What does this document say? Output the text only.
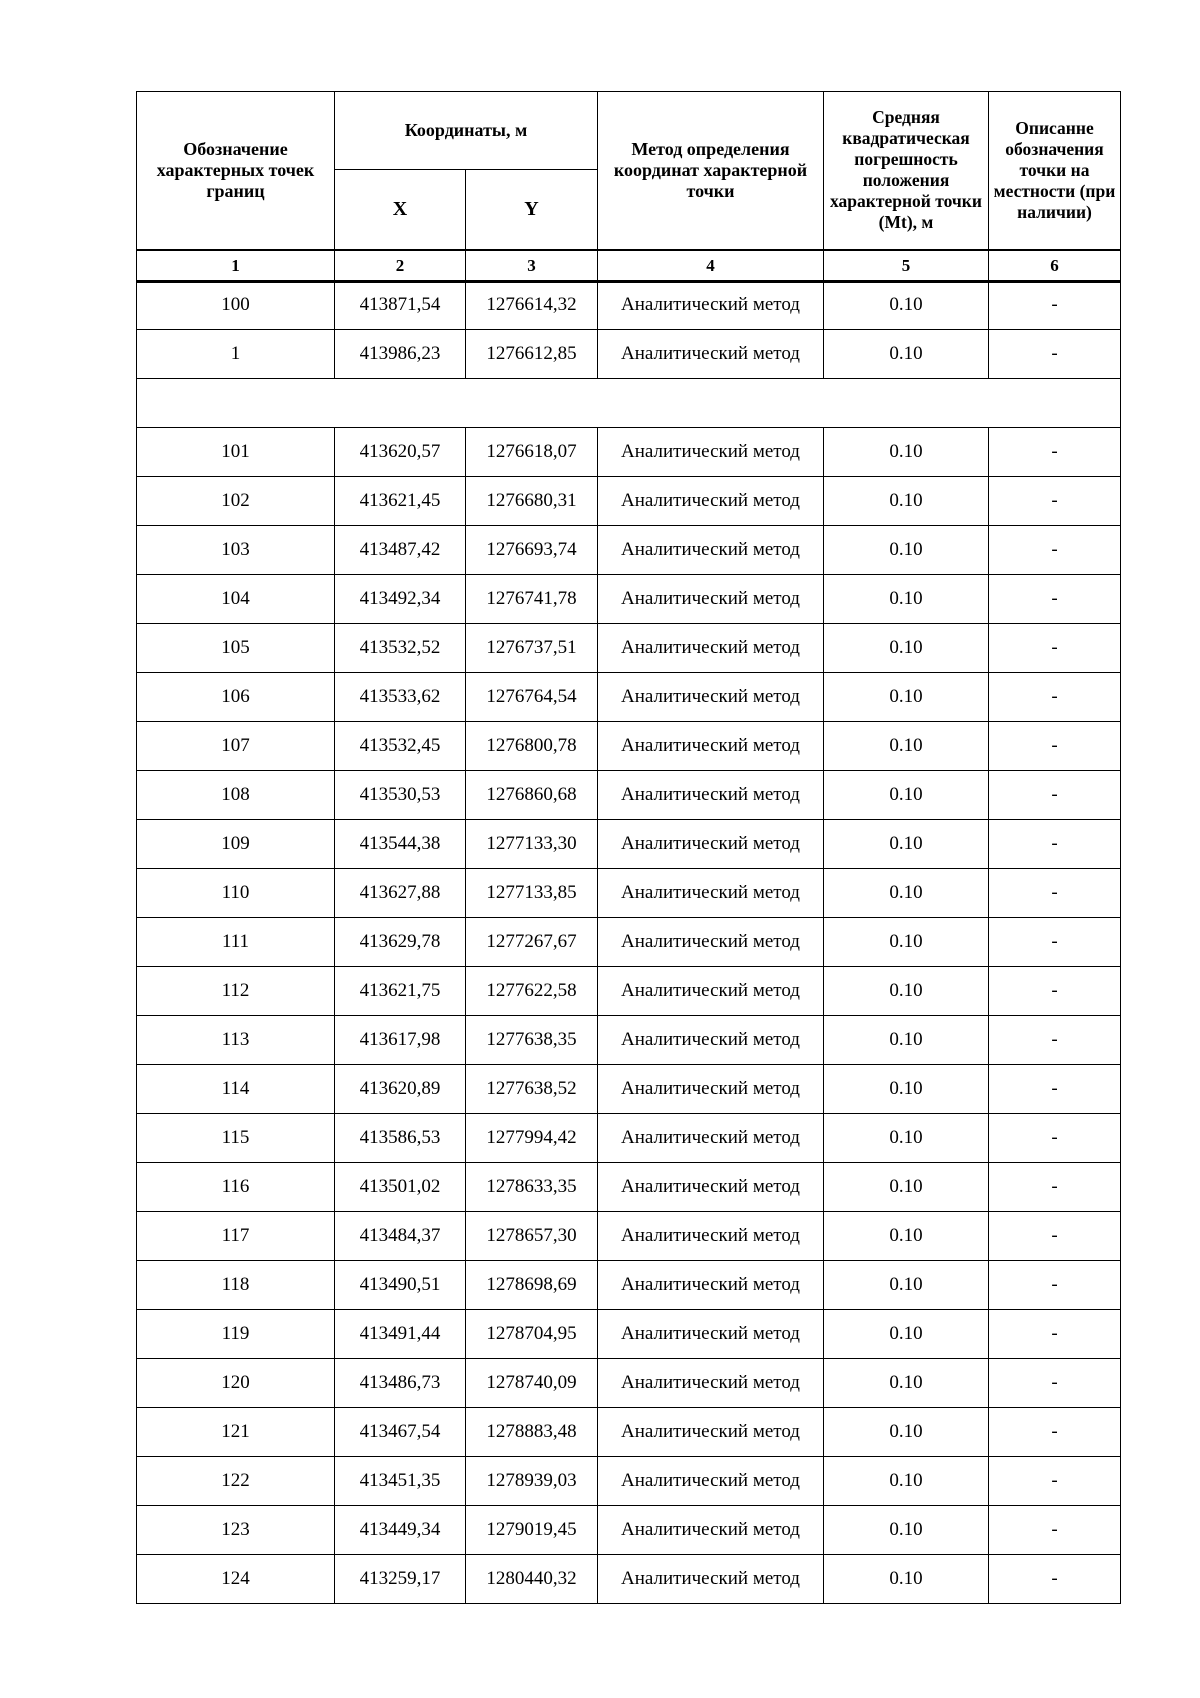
Обозначение характерных точек границ	Координаты, м		Метод определения координат характерной точки	Средняя квадратическая погрешность положения характерной точки (Mt), м	Описанне обозначения точки на местности (при наличии)
	X	Y			
1	2	3	4	5	6
100	413871,54	1276614,32	Аналитический метод	0.10	-
1	413986,23	1276612,85	Аналитический метод	0.10	-

101	413620,57	1276618,07	Аналитический метод	0.10	-
102	413621,45	1276680,31	Аналитический метод	0.10	-
103	413487,42	1276693,74	Аналитический метод	0.10	-
104	413492,34	1276741,78	Аналитический метод	0.10	-
105	413532,52	1276737,51	Аналитический метод	0.10	-
106	413533,62	1276764,54	Аналитический метод	0.10	-
107	413532,45	1276800,78	Аналитический метод	0.10	-
108	413530,53	1276860,68	Аналитический метод	0.10	-
109	413544,38	1277133,30	Аналитический метод	0.10	-
110	413627,88	1277133,85	Аналитический метод	0.10	-
111	413629,78	1277267,67	Аналитический метод	0.10	-
112	413621,75	1277622,58	Аналитический метод	0.10	-
113	413617,98	1277638,35	Аналитический метод	0.10	-
114	413620,89	1277638,52	Аналитический метод	0.10	-
115	413586,53	1277994,42	Аналитический метод	0.10	-
116	413501,02	1278633,35	Аналитический метод	0.10	-
117	413484,37	1278657,30	Аналитический метод	0.10	-
118	413490,51	1278698,69	Аналитический метод	0.10	-
119	413491,44	1278704,95	Аналитический метод	0.10	-
120	413486,73	1278740,09	Аналитический метод	0.10	-
121	413467,54	1278883,48	Аналитический метод	0.10	-
122	413451,35	1278939,03	Аналитический метод	0.10	-
123	413449,34	1279019,45	Аналитический метод	0.10	-
124	413259,17	1280440,32	Аналитический метод	0.10	-
